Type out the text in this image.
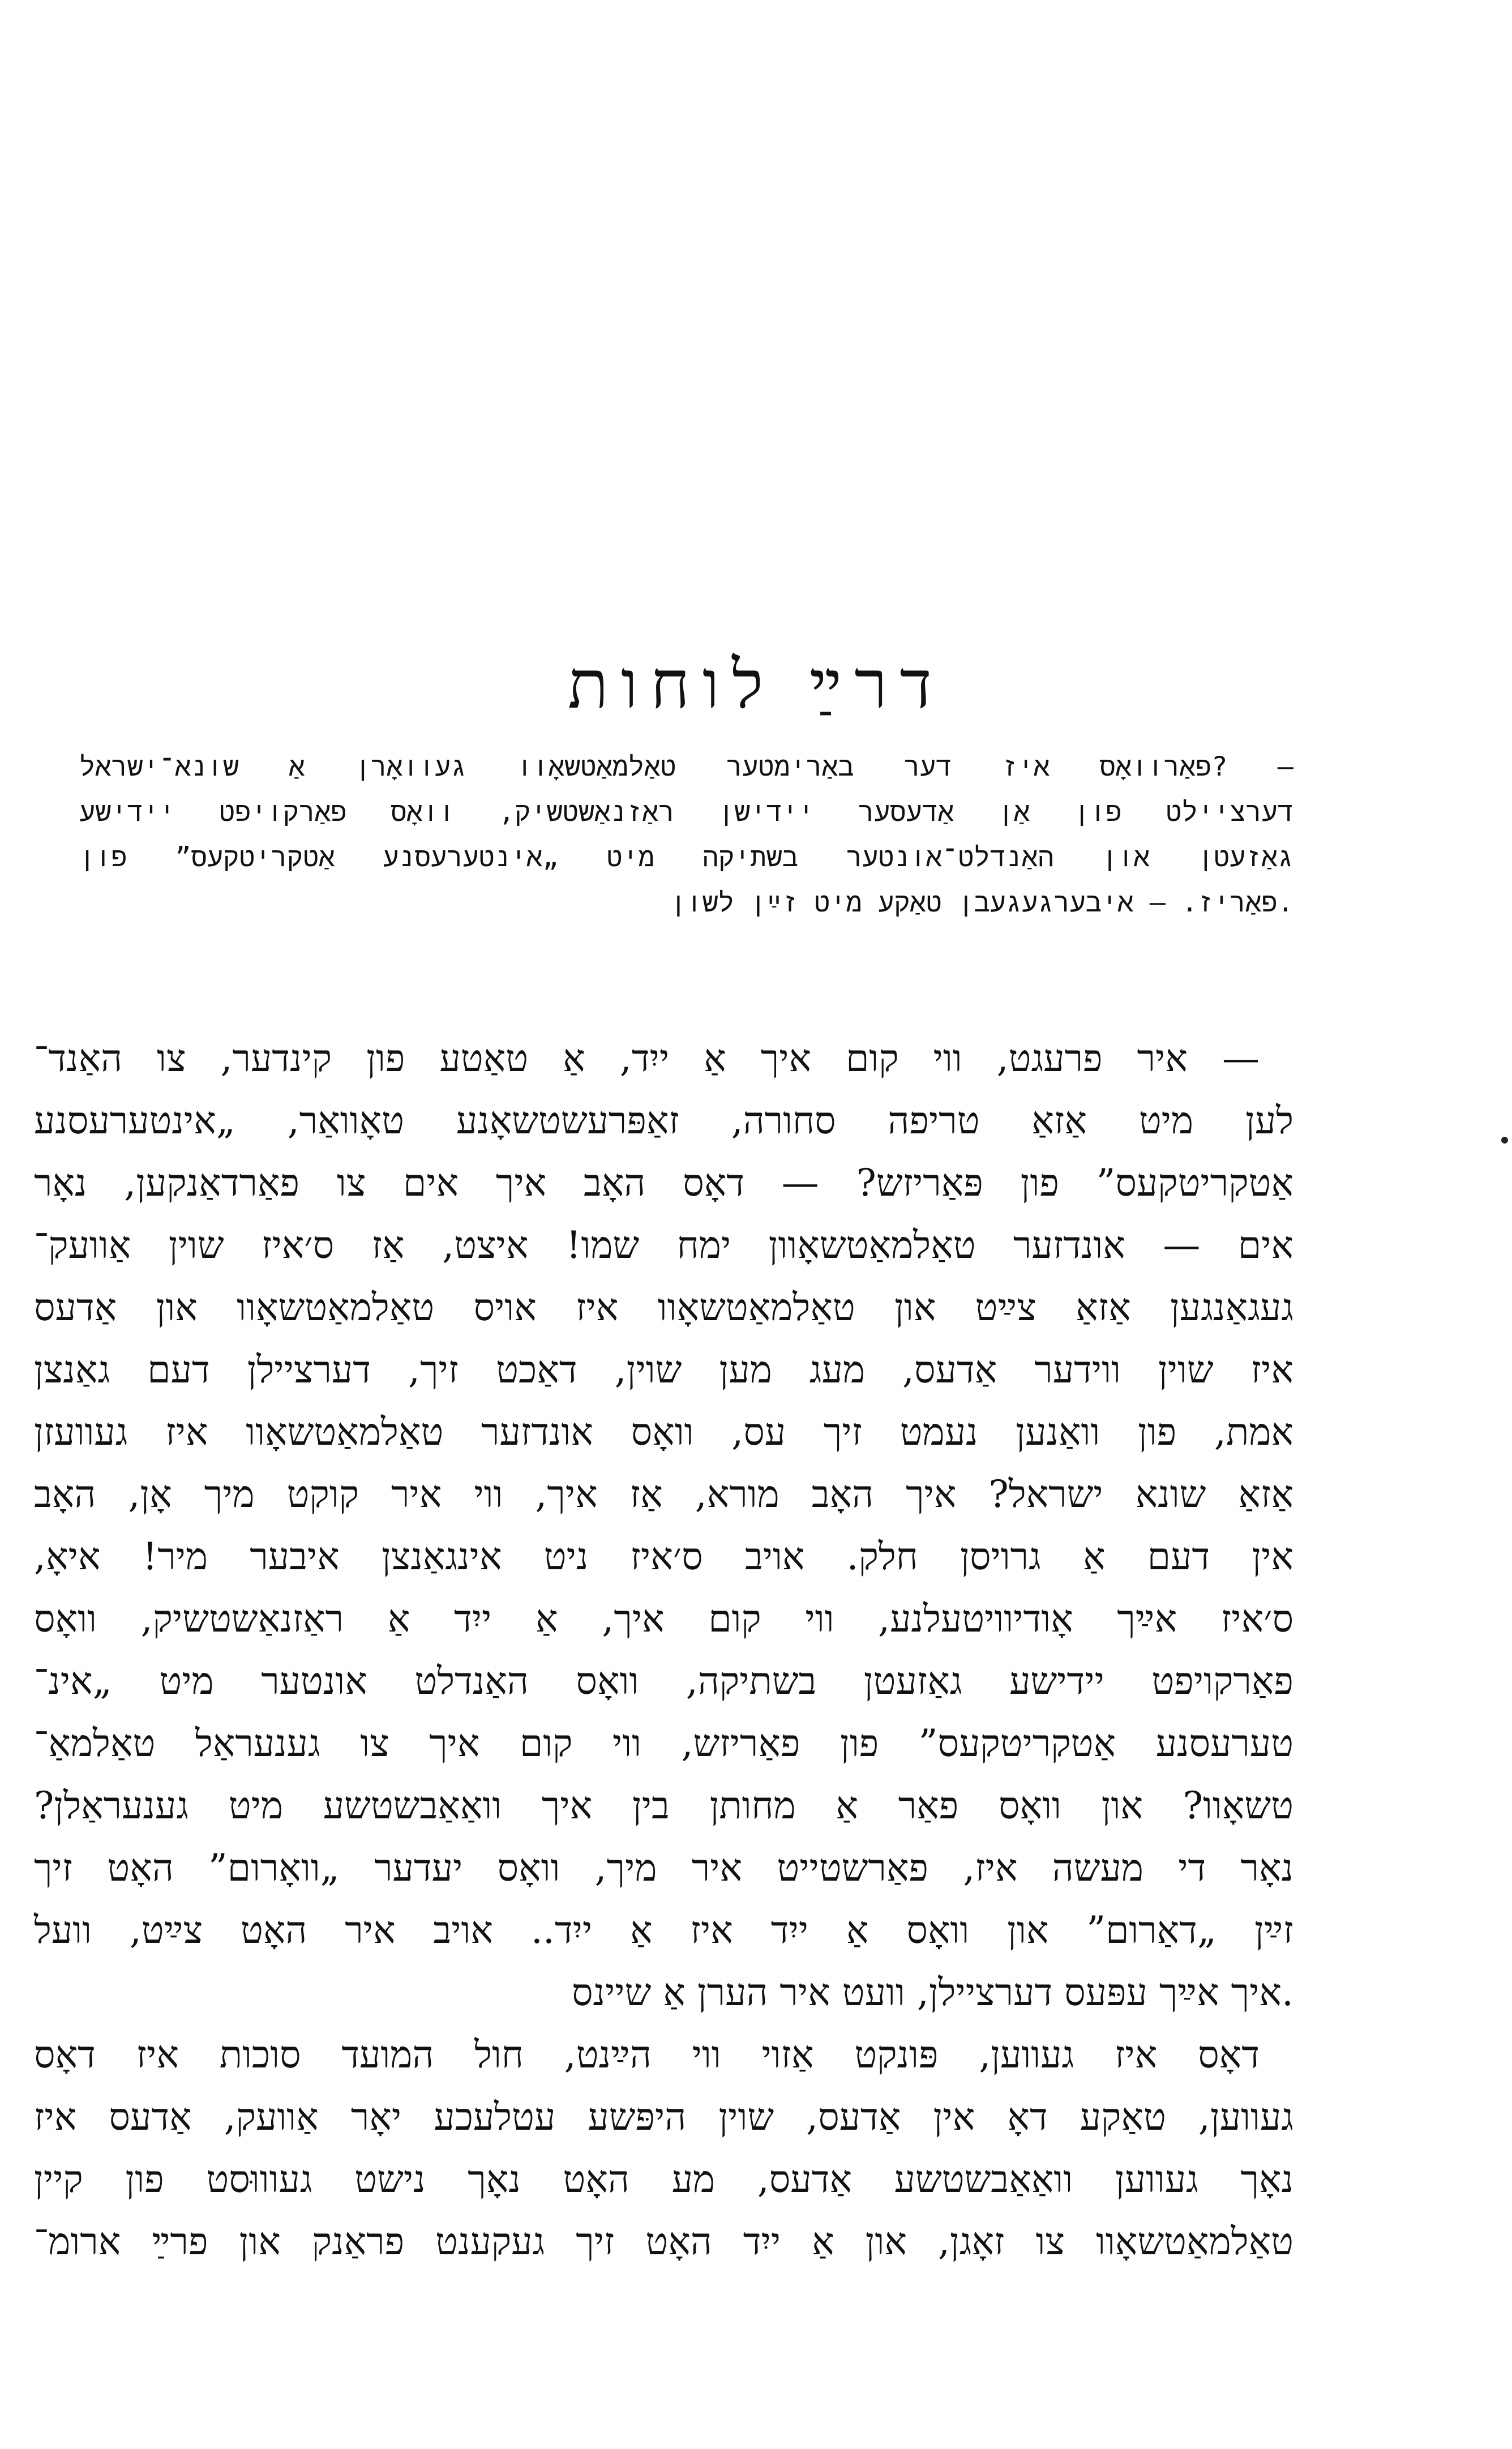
דרײַ לוחות
— ?פאַרוואָס איז דער באַרימטער טאַלמאַטשאָוו געוואָרן אַ שונא־ישראל
דערציילט פון אַן אַדעסער יידישן ראַזנאַשטשיק, וואָס פאַרקויפט יידישע
גאַזעטן און האַנדלט־אונטער בשתיקה מיט „אינטערעסנע אַטקריטקעס” פון
.פאַריז. — איבערגעגעבן טאַקע מיט זײַן לשון
— איר פרעגט, ווי קום איך אַ ייִד, אַ טאַטע פון קינדער, צו האַנד־
לען מיט אַזאַ טריפה סחורה, זאַפּרעשטשאָנע טאָוואַר, „אינטערעסנע
אַטקריטקעס” פון פּאַריזש? — דאָס האָב איך אים צו פאַרדאַנקען, נאָר
אים — אונדזער טאַלמאַטשאָוון ימח שמו! איצט, אַז ס׳איז שוין אַוועק־
געגאַנגען אַזאַ צײַט און טאַלמאַטשאָוו איז אויס טאַלמאַטשאָוו און אַדעס
איז שוין ווידער אַדעס, מעג מען שוין, דאַכט זיך, דערציילן דעם גאַנצן
אמת, פון וואַנען נעמט זיך עס, וואָס אונדזער טאַלמאַטשאָוו איז געוועזן
אַזאַ שונא ישראל? איך האָב מורא, אַז איך, ווי איר קוקט מיך אָן, האָב
אין דעם אַ גרויסן חלק. אויב ס׳איז ניט אינגאַנצן איבער מיר! איאָ,
ס׳איז אײַך אָודיוויטעלנע, ווי קום איך, אַ ייִד אַ ראַזנאַשטשיק, וואָס
פאַרקויפט יידישע גאַזעטן בשתיקה, וואָס האַנדלט אונטער מיט „אינ־
טערעסנע אַטקריטקעס” פון פאַריזש, ווי קום איך צו גענעראַל טאַלמאַ־
טשאָוו? און וואָס פאַר אַ מחותן בין איך וואַאַבשטשע מיט גענעראַלן?
נאָר די מעשה איז, פאַרשטייט איר מיך, וואָס יעדער „וואָרום” האָט זיך
זײַן „דאַרום” און וואָס אַ ייִד איז אַ ייִד.. אויב איר האָט צײַט, וועל
.איך אײַך עפּעס דערציילן, וועט איר הערן אַ שיינס
דאָס איז געווען, פּונקט אַזוי ווי הײַנט, חול המועד סוכות איז דאָס
געווען, טאַקע דאָ אין אַדעס, שוין היפּשע עטלעכע יאָר אַוועק, אַדעס איז
נאָך געווען וואַאַבשטשע אַדעס, מע האָט נאָך נישט געוווּסט פון קיין
טאַלמאַטשאָוו צו זאָגן, און אַ ייִד האָט זיך געקענט פראַנק און פרײַ ארומ־
